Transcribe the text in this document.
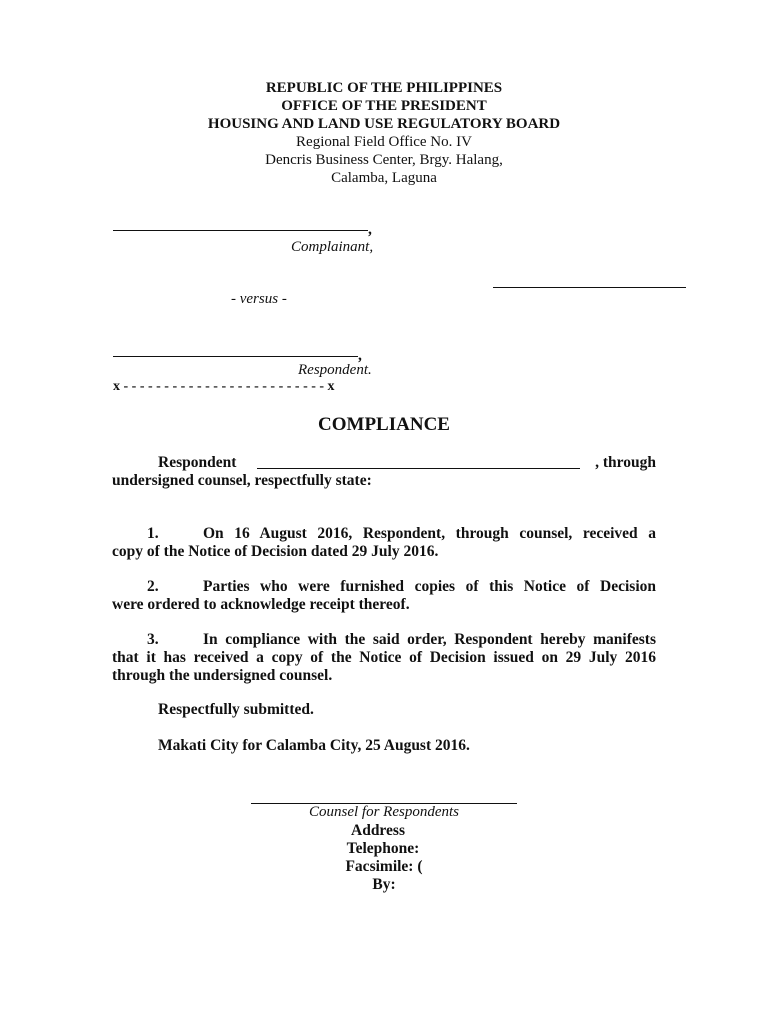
REPUBLIC OF THE PHILIPPINES
OFFICE OF THE PRESIDENT
HOUSING AND LAND USE REGULATORY BOARD
Regional Field Office No. IV
Dencris Business Center, Brgy. Halang,
Calamba, Laguna
,
Complainant,
- versus -
,
Respondent.
x - - - - - - - - - - - - - - - - - - - - - - - - - x
COMPLIANCE
Respondent	, through
undersigned counsel, respectfully state:
1.	On 16 August 2016, Respondent, through counsel, received a
copy of the Notice of Decision dated 29 July 2016.
2.	Parties who were furnished copies of this Notice of Decision
were ordered to acknowledge receipt thereof.
3.	In compliance with the said order, Respondent hereby manifests
that it has received a copy of the Notice of Decision issued on 29 July 2016
through the undersigned counsel.
Respectfully submitted.
Makati City for Calamba City, 25 August 2016.
Counsel for Respondents
Address
Telephone:
Facsimile: (
By:
